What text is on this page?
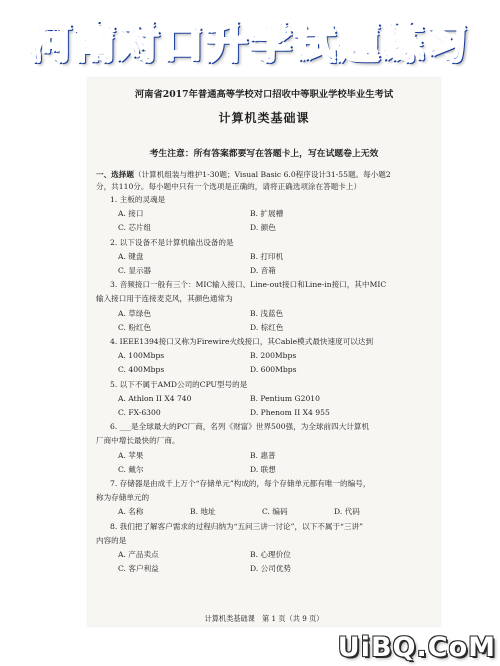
河南对口升学试题练习
河南省2017年普通高等学校对口招收中等职业学校毕业生考试
计算机类基础课
考生注意：所有答案都要写在答题卡上，写在试题卷上无效
一、选择题（计算机组装与维护1-30题；Visual Basic 6.0程序设计31-55题。每小题2
分，共110分。每小题中只有一个选项是正确的，请将正确选项涂在答题卡上）
1. 主板的灵魂是
A. 接口	B. 扩展槽
C. 芯片组	D. 颜色
2. 以下设备不是计算机输出设备的是
A. 键盘	B. 打印机
C. 显示器	D. 音箱
3. 音频接口一般有三个：MIC输入接口、Line-out接口和Line-in接口，其中MIC
输入接口用于连接麦克风，其颜色通常为
A. 草绿色	B. 浅蓝色
C. 粉红色	D. 棕红色
4. IEEE1394接口又称为Firewire火线接口，其Cable模式最快速度可以达到
A. 100Mbps	B. 200Mbps
C. 400Mbps	D. 600Mbps
5. 以下不属于AMD公司的CPU型号的是
A. Athlon II X4 740	B. Pentium G2010
C. FX-6300	D. Phenom II X4 955
6. ___是全球最大的PC厂商，名列《财富》世界500强，为全球前四大计算机
厂商中增长最快的厂商。
A. 苹果	B. 惠普
C. 戴尔	D. 联想
7. 存储器是由成千上万个“存储单元”构成的，每个存储单元都有唯一的编号，
称为存储单元的
A. 名称	B. 地址	C. 编码	D. 代码
8. 我们把了解客户需求的过程归纳为“五问三讲一讨论”，以下不属于“三讲”
内容的是
A. 产品卖点	B. 心理价位
C. 客户利益	D. 公司优势
计算机类基础课　第 1 页（共 9 页）
UiBQ.CoM
